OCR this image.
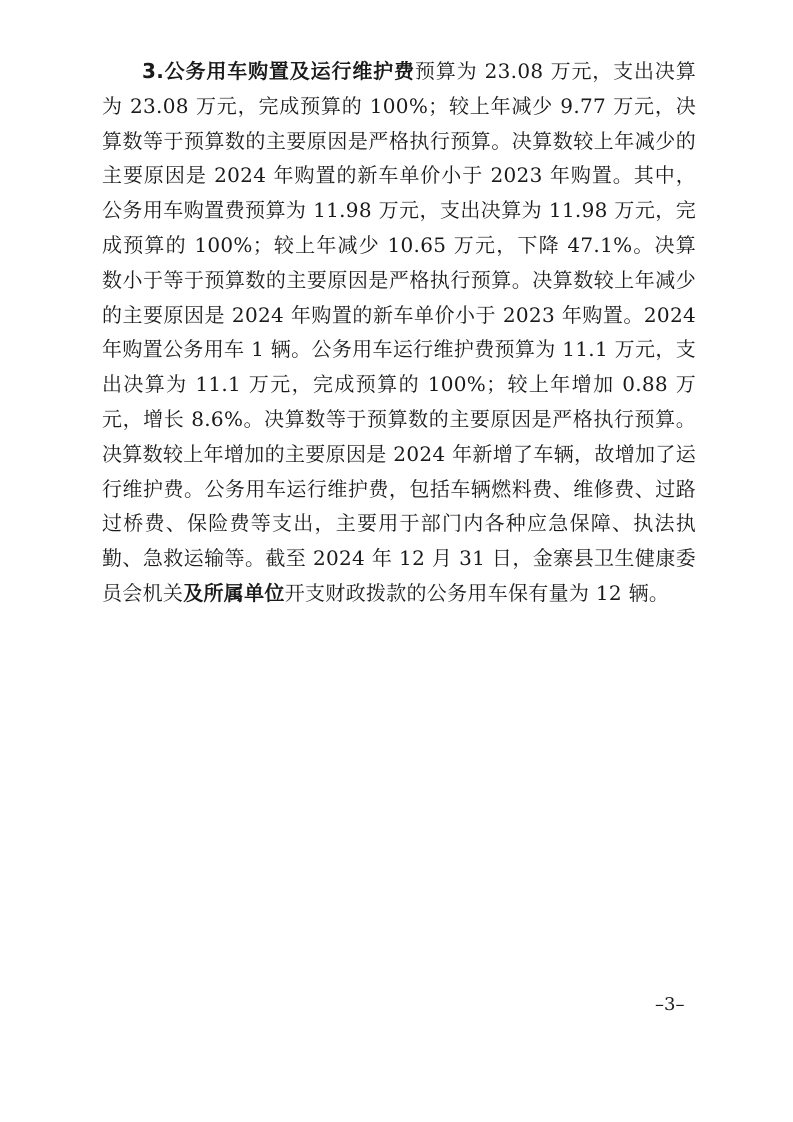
3.公务用车购置及运行维护费预算为 23.08 万元，支出决算为 23.08 万元，完成预算的 100%；较上年减少 9.77 万元，决算数等于预算数的主要原因是严格执行预算。决算数较上年减少的主要原因是 2024 年购置的新车单价小于 2023 年购置。其中，公务用车购置费预算为 11.98 万元，支出决算为 11.98 万元，完成预算的 100%；较上年减少 10.65 万元，下降 47.1%。决算数小于等于预算数的主要原因是严格执行预算。决算数较上年减少的主要原因是 2024 年购置的新车单价小于 2023 年购置。2024 年购置公务用车 1 辆。公务用车运行维护费预算为 11.1 万元，支出决算为 11.1 万元，完成预算的 100%；较上年增加 0.88 万元，增长 8.6%。决算数等于预算数的主要原因是严格执行预算。决算数较上年增加的主要原因是 2024 年新增了车辆，故增加了运行维护费。公务用车运行维护费，包括车辆燃料费、维修费、过路过桥费、保险费等支出，主要用于部门内各种应急保障、执法执勤、急救运输等。截至 2024 年 12 月 31 日，金寨县卫生健康委员会机关及所属单位开支财政拨款的公务用车保有量为 12 辆。

–3–
